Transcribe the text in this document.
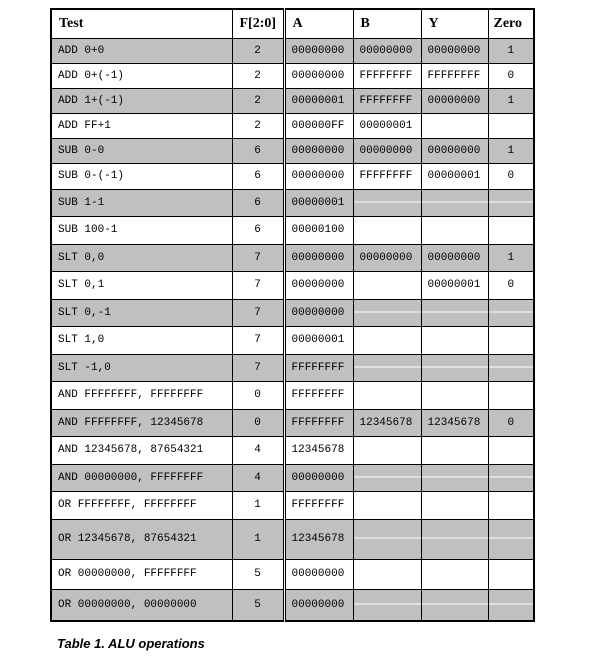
Test	F[2:0]	A	B	Y	Zero
ADD 0+0	2	00000000	00000000	00000000	1
ADD 0+(-1)	2	00000000	FFFFFFFF	FFFFFFFF	0
ADD 1+(-1)	2	00000001	FFFFFFFF	00000000	1
ADD FF+1	2	000000FF	00000001		
SUB 0-0	6	00000000	00000000	00000000	1
SUB 0-(-1)	6	00000000	FFFFFFFF	00000001	0
SUB 1-1	6	00000001			
SUB 100-1	6	00000100			
SLT 0,0	7	00000000	00000000	00000000	1
SLT 0,1	7	00000000		00000001	0
SLT 0,-1	7	00000000			
SLT 1,0	7	00000001			
SLT -1,0	7	FFFFFFFF			
AND FFFFFFFF, FFFFFFFF	0	FFFFFFFF			
AND FFFFFFFF, 12345678	0	FFFFFFFF	12345678	12345678	0
AND 12345678, 87654321	4	12345678			
AND 00000000, FFFFFFFF	4	00000000			
OR FFFFFFFF, FFFFFFFF	1	FFFFFFFF			
OR 12345678, 87654321	1	12345678			
OR 00000000, FFFFFFFF	5	00000000			
OR 00000000, 00000000	5	00000000			

Table 1. ALU operations
